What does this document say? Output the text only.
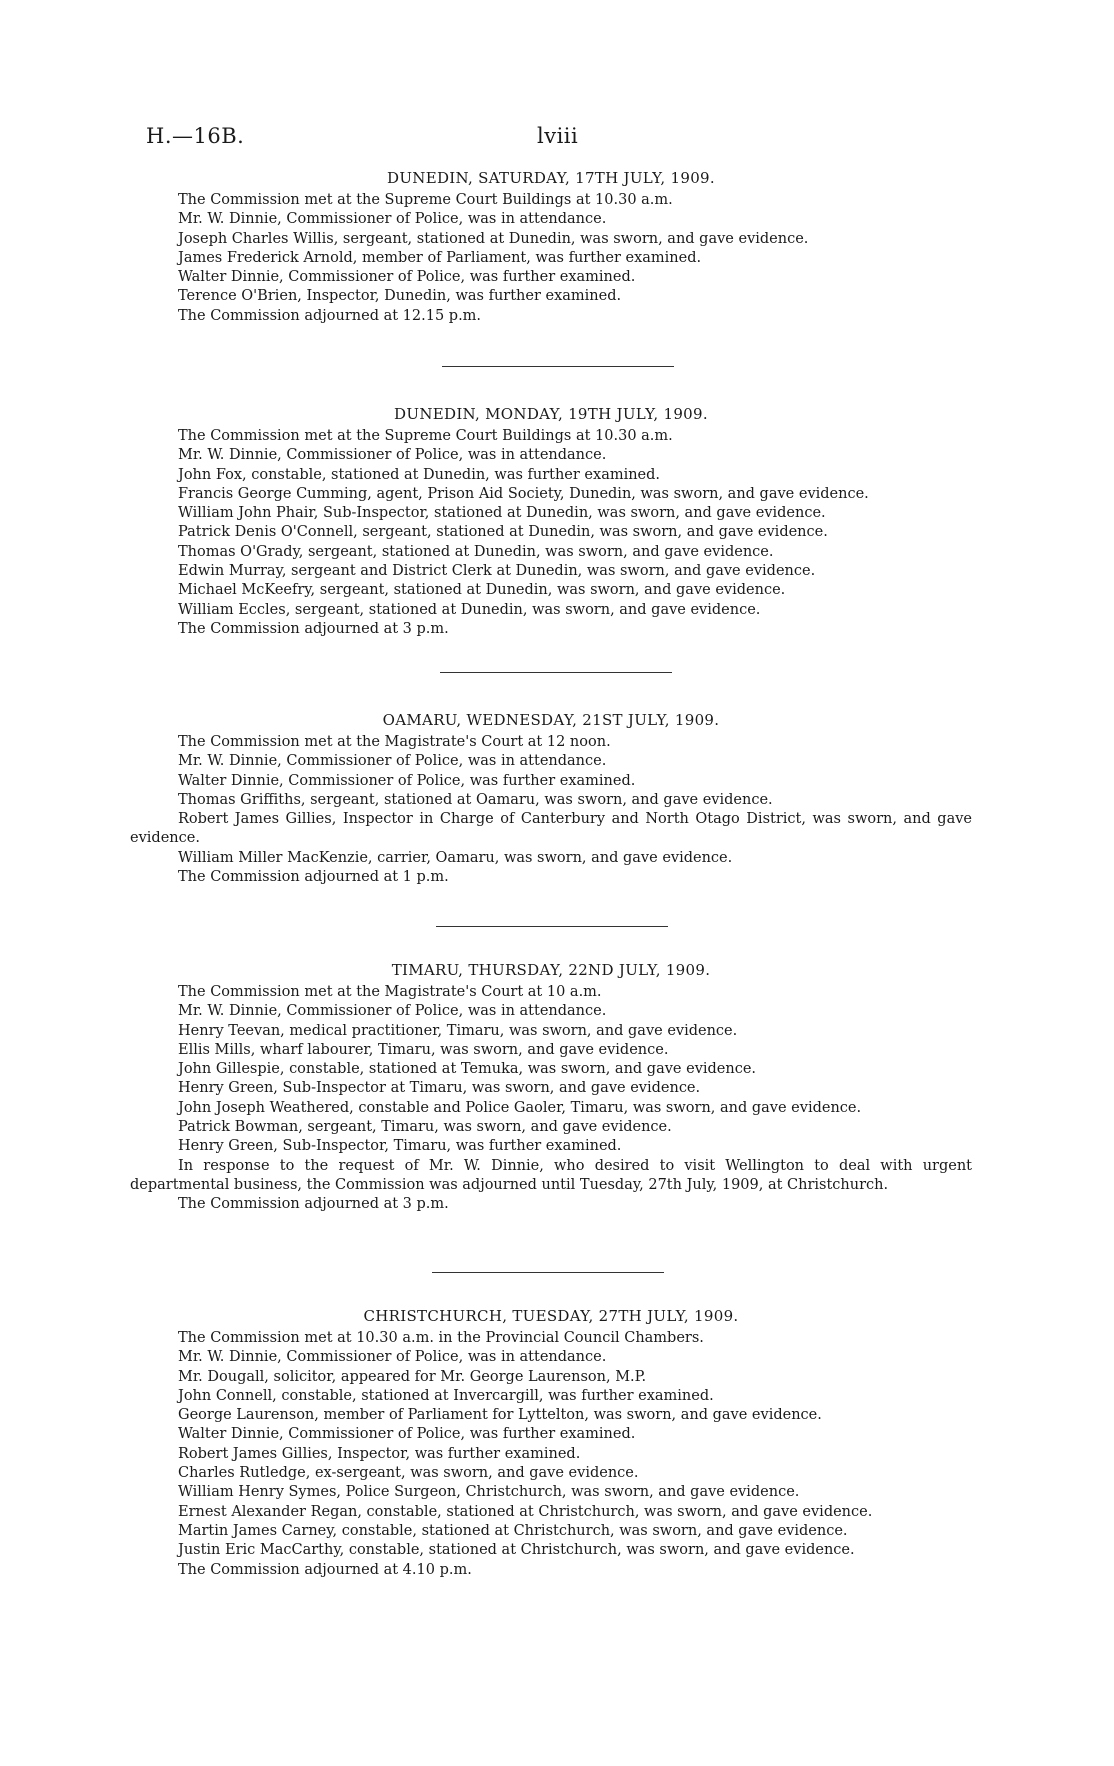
H.—16B.	lviii
DUNEDIN, SATURDAY, 17TH JULY, 1909.
The Commission met at the Supreme Court Buildings at 10.30 a.m.
Mr. W. Dinnie, Commissioner of Police, was in attendance.
Joseph Charles Willis, sergeant, stationed at Dunedin, was sworn, and gave evidence.
James Frederick Arnold, member of Parliament, was further examined.
Walter Dinnie, Commissioner of Police, was further examined.
Terence O'Brien, Inspector, Dunedin, was further examined.
The Commission adjourned at 12.15 p.m.
DUNEDIN, MONDAY, 19TH JULY, 1909.
The Commission met at the Supreme Court Buildings at 10.30 a.m.
Mr. W. Dinnie, Commissioner of Police, was in attendance.
John Fox, constable, stationed at Dunedin, was further examined.
Francis George Cumming, agent, Prison Aid Society, Dunedin, was sworn, and gave evidence.
William John Phair, Sub-Inspector, stationed at Dunedin, was sworn, and gave evidence.
Patrick Denis O'Connell, sergeant, stationed at Dunedin, was sworn, and gave evidence.
Thomas O'Grady, sergeant, stationed at Dunedin, was sworn, and gave evidence.
Edwin Murray, sergeant and District Clerk at Dunedin, was sworn, and gave evidence.
Michael McKeefry, sergeant, stationed at Dunedin, was sworn, and gave evidence.
William Eccles, sergeant, stationed at Dunedin, was sworn, and gave evidence.
The Commission adjourned at 3 p.m.
OAMARU, WEDNESDAY, 21ST JULY, 1909.
The Commission met at the Magistrate's Court at 12 noon.
Mr. W. Dinnie, Commissioner of Police, was in attendance.
Walter Dinnie, Commissioner of Police, was further examined.
Thomas Griffiths, sergeant, stationed at Oamaru, was sworn, and gave evidence.
Robert James Gillies, Inspector in Charge of Canterbury and North Otago District, was sworn, and gave evidence.
William Miller MacKenzie, carrier, Oamaru, was sworn, and gave evidence.
The Commission adjourned at 1 p.m.
TIMARU, THURSDAY, 22ND JULY, 1909.
The Commission met at the Magistrate's Court at 10 a.m.
Mr. W. Dinnie, Commissioner of Police, was in attendance.
Henry Teevan, medical practitioner, Timaru, was sworn, and gave evidence.
Ellis Mills, wharf labourer, Timaru, was sworn, and gave evidence.
John Gillespie, constable, stationed at Temuka, was sworn, and gave evidence.
Henry Green, Sub-Inspector at Timaru, was sworn, and gave evidence.
John Joseph Weathered, constable and Police Gaoler, Timaru, was sworn, and gave evidence.
Patrick Bowman, sergeant, Timaru, was sworn, and gave evidence.
Henry Green, Sub-Inspector, Timaru, was further examined.
In response to the request of Mr. W. Dinnie, who desired to visit Wellington to deal with urgent departmental business, the Commission was adjourned until Tuesday, 27th July, 1909, at Christchurch.
The Commission adjourned at 3 p.m.
CHRISTCHURCH, TUESDAY, 27TH JULY, 1909.
The Commission met at 10.30 a.m. in the Provincial Council Chambers.
Mr. W. Dinnie, Commissioner of Police, was in attendance.
Mr. Dougall, solicitor, appeared for Mr. George Laurenson, M.P.
John Connell, constable, stationed at Invercargill, was further examined.
George Laurenson, member of Parliament for Lyttelton, was sworn, and gave evidence.
Walter Dinnie, Commissioner of Police, was further examined.
Robert James Gillies, Inspector, was further examined.
Charles Rutledge, ex-sergeant, was sworn, and gave evidence.
William Henry Symes, Police Surgeon, Christchurch, was sworn, and gave evidence.
Ernest Alexander Regan, constable, stationed at Christchurch, was sworn, and gave evidence.
Martin James Carney, constable, stationed at Christchurch, was sworn, and gave evidence.
Justin Eric MacCarthy, constable, stationed at Christchurch, was sworn, and gave evidence.
The Commission adjourned at 4.10 p.m.
